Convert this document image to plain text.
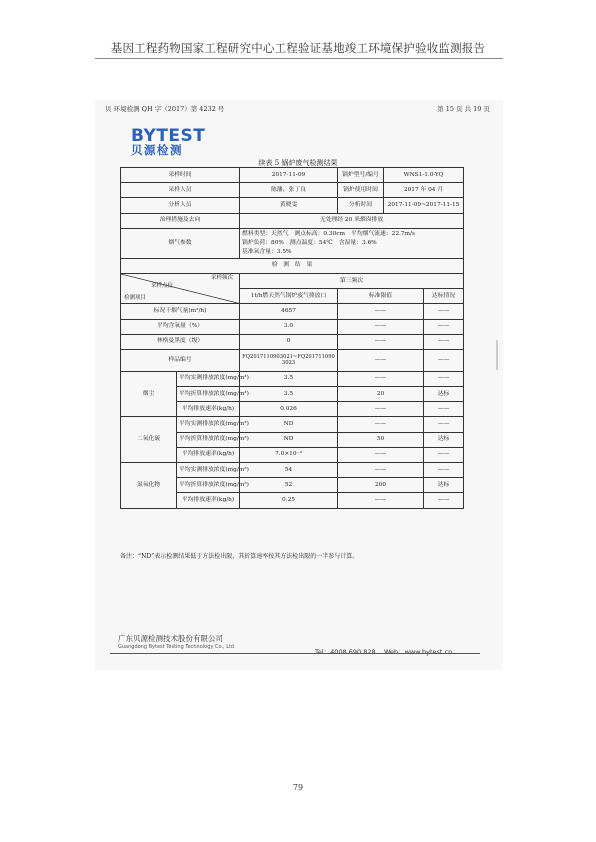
基因工程药物国家工程研究中心工程验证基地竣工环境保护验收监测报告
贝 环境检测 QH 字（2017）第 4232 号	第 15 页 共 19 页
BYTEST
贝源检测
续表 5 锅炉废气检测结果
采样时间		2017-11-09	锅炉型号/编号	WNS1-1.0-YQ	
采样人员		陈藩、张丁良	锅炉使用时间	2017 年 04 月	
分析人员		黄晓雯	分析时间	2017-11-09~2017-11-15	
治理措施及去向		无处理经 20 米烟囱排放			
烟气参数		燃料类型：天然气 测点标高：0.30cm 平均烟气流速：22.7m/s
锅炉负荷：80% 测点温度：54℃ 含湿量：3.6%
基准氧含量：3.5%			
检　测　结　果					

采样频次
采样点位
检测项目		第三频次			
		1t/h燃天然气锅炉废气排放口	标准限值		达标情况
标况干烟气量(m³/h)		4657	——		——
平均含氧量（%）		3.0	——		——
林格曼黑度（级）		0	——		——
样品编号		FQ2017110903021~FQ2017110903023	——		——
烟尘	平均实测排放浓度(mg/m³)	3.5	——		——
	平均折算排放浓度(mg/m³)	3.5	20		达标
	平均排放速率(kg/h)	0.026	——		——
二氧化硫	平均实测排放浓度(mg/m³)	ND	——		——
	平均折算排放浓度(mg/m³)	ND	50		达标
	平均排放速率(kg/h)	7.0×10⁻³	——		——
氮氧化物	平均实测排放浓度(mg/m³)	54	——		——
	平均折算排放浓度(mg/m³)	52	200		达标
	平均排放速率(kg/h)	0.25	——		——
备注：“ND”表示检测结果低于方法检出限，其折算速率按其方法检出限的一半参与计算。
广东贝源检测技术股份有限公司
Guangdong Bytest Testing Technology Co., Ltd
Tel：4008 690 828 Web：www.bytest.cn
79
